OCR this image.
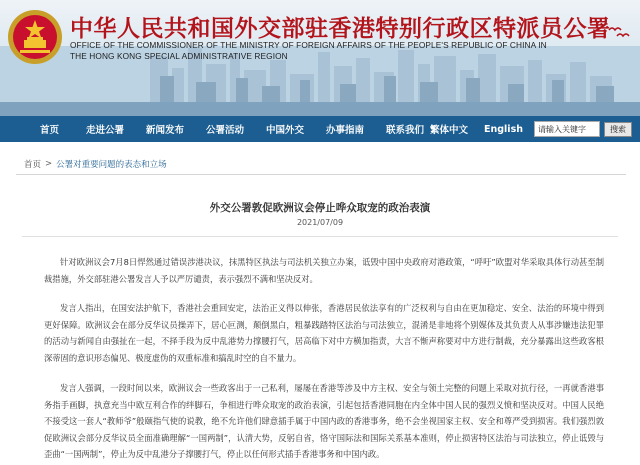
中华人民共和国外交部驻香港特别行政区特派员公署
OFFICE OF THE COMMISSIONER OF THE MINISTRY OF FOREIGN AFFAIRS OF THE PEOPLE'S REPUBLIC OF CHINA IN
THE HONG KONG SPECIAL ADMINISTRATIVE REGION
首页	走进公署 新闻发布 公署活动 中国外交 办事指南 联系我们 繁体中文 English
请输入关键字	搜索
首页 > 公署对重要问题的表态和立场
外交公署敦促欧洲议会停止哗众取宠的政治表演
2021/07/09

针对欧洲议会7月8日悍然通过错误涉港决议，抹黑特区执法与司法机关独立办案，诋毁中国中央政府对港政策，“呼吁”欧盟对华采取具体行动甚至制裁措施，外交部驻港公署发言人予以严厉谴责，表示强烈不满和坚决反对。

发言人指出，在国安法护航下，香港社会重回安定，法治正义得以伸张，香港居民依法享有的广泛权利与自由在更加稳定、安全、法治的环境中得到更好保障。欧洲议会在部分反华议员操弄下，居心叵测，颠倒黑白，粗暴践踏特区法治与司法独立，混淆是非地将个别媒体及其负责人从事涉嫌违法犯罪的活动与新闻自由强扯在一起，不择手段为反中乱港势力撑腰打气，居高临下对中方横加指责，大言不惭声称要对中方进行制裁，充分暴露出这些政客根深蒂固的意识形态偏见、极度虚伪的双重标准和搞乱时空的自不量力。

发言人强调，一段时间以来，欧洲议会一些政客出于一己私利，屡屡在香港等涉及中方主权、安全与领土完整的问题上采取对抗行径，一再就香港事务指手画脚，执意充当中欧互利合作的绊脚石，争相进行哗众取宠的政治表演，引起包括香港同胞在内全体中国人民的强烈义愤和坚决反对。中国人民绝不接受这一套人“教师爷”般颐指气使的说教，绝不允许他们肆意插手属于中国内政的香港事务，绝不会坐视国家主权、安全和尊严受到损害。我们强烈敦促欧洲议会部分反华议员全面准确理解“一国两制”，认清大势，反躬自省，恪守国际法和国际关系基本准则，停止损害特区法治与司法独立，停止诋毁与歪曲“一国两制”，停止为反中乱港分子撑腰打气，停止以任何形式插手香港事务和中国内政。
